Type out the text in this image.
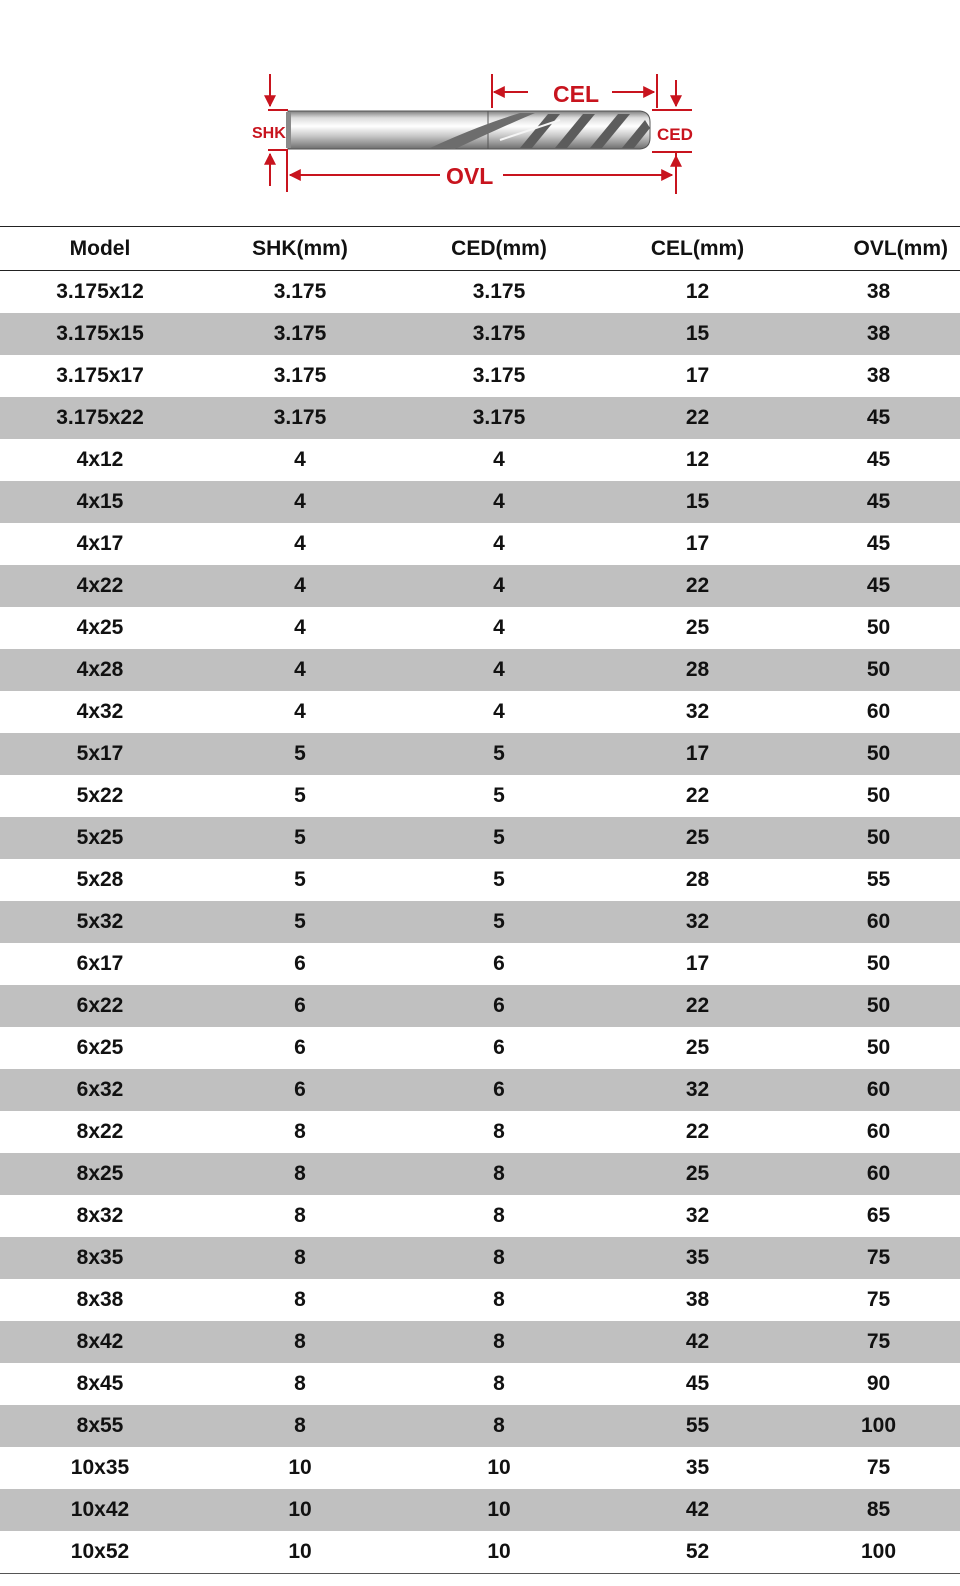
CEL
SHK	CED
OVL
Model	SHK(mm)	CED(mm)	CEL(mm)	OVL(mm)
3.175x12	3.175	3.175	12	38
3.175x15	3.175	3.175	15	38
3.175x17	3.175	3.175	17	38
3.175x22	3.175	3.175	22	45
4x12	4	4	12	45
4x15	4	4	15	45
4x17	4	4	17	45
4x22	4	4	22	45
4x25	4	4	25	50
4x28	4	4	28	50
4x32	4	4	32	60
5x17	5	5	17	50
5x22	5	5	22	50
5x25	5	5	25	50
5x28	5	5	28	55
5x32	5	5	32	60
6x17	6	6	17	50
6x22	6	6	22	50
6x25	6	6	25	50
6x32	6	6	32	60
8x22	8	8	22	60
8x25	8	8	25	60
8x32	8	8	32	65
8x35	8	8	35	75
8x38	8	8	38	75
8x42	8	8	42	75
8x45	8	8	45	90
8x55	8	8	55	100
10x35	10	10	35	75
10x42	10	10	42	85
10x52	10	10	52	100
